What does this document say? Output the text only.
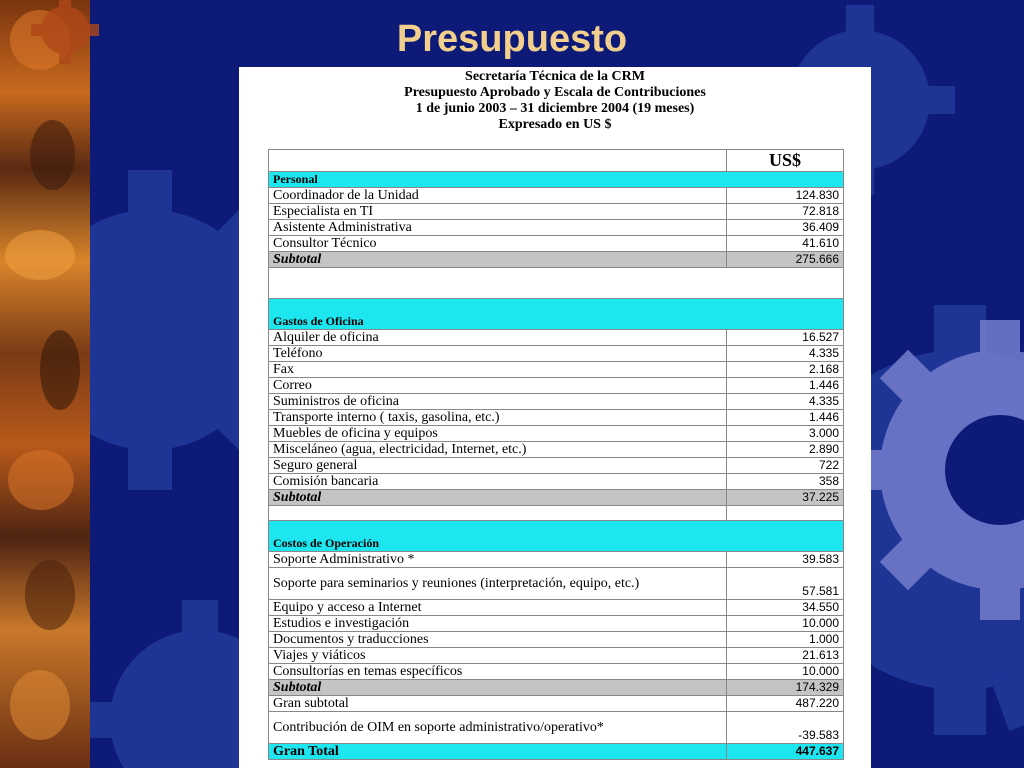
Presupuesto
Secretaría Técnica de la CRM
Presupuesto Aprobado y Escala de Contribuciones
1 de junio 2003 – 31 diciembre 2004 (19 meses)
Expresado en US $
	US$
Personal	
Coordinador de la Unidad	124.830
Especialista en TI	72.818
Asistente Administrativa	36.409
Consultor Técnico	41.610
Subtotal	275.666

Gastos de Oficina	
Alquiler de oficina	16.527
Teléfono	4.335
Fax	2.168
Correo	1.446
Suministros de oficina	4.335
Transporte interno ( taxis, gasolina, etc.)	1.446
Muebles de oficina y equipos	3.000
Misceláneo (agua, electricidad, Internet, etc.)	2.890
Seguro general	722
Comisión bancaria	358
Subtotal	37.225

Costos de Operación	
Soporte Administrativo *	39.583
Soporte para seminarios y reuniones (interpretación, equipo, etc.)	57.581
Equipo y acceso a Internet	34.550
Estudios e investigación	10.000
Documentos y traducciones	1.000
Viajes y viáticos	21.613
Consultorías en temas específicos	10.000
Subtotal	174.329
Gran subtotal	487.220
Contribución de OIM en soporte administrativo/operativo*	-39.583
Gran Total	447.637
